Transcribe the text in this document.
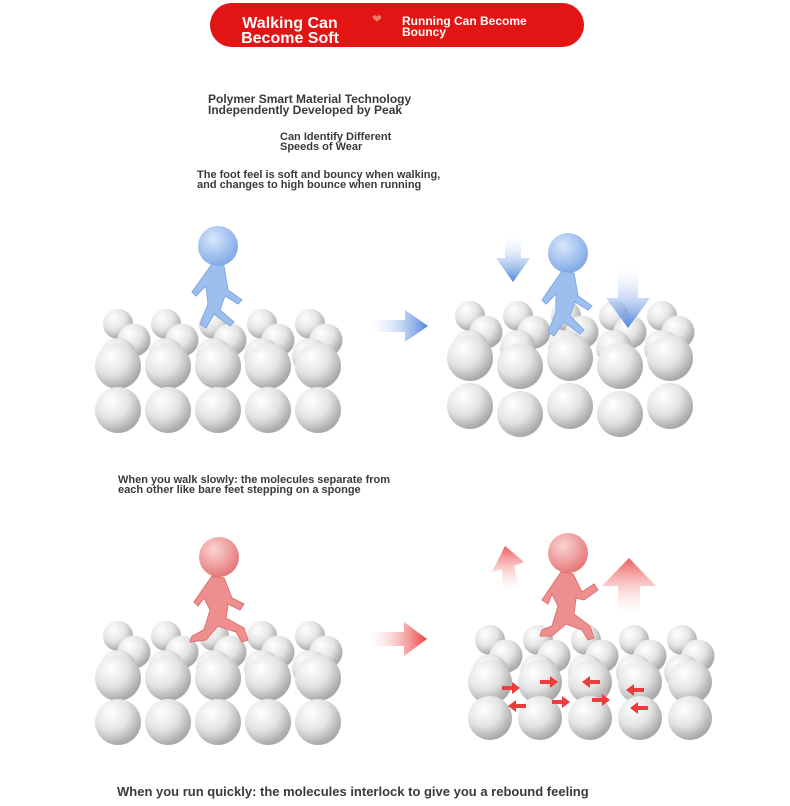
Walking Can
Become Soft
❤	Running Can Become
Bouncy
Polymer Smart Material Technology
Independently Developed by Peak
Can Identify Different
Speeds of Wear
The foot feel is soft and bouncy when walking,
and changes to high bounce when running
When you walk slowly: the molecules separate from
each other like bare feet stepping on a sponge
When you run quickly: the molecules interlock to give you a rebound feeling
